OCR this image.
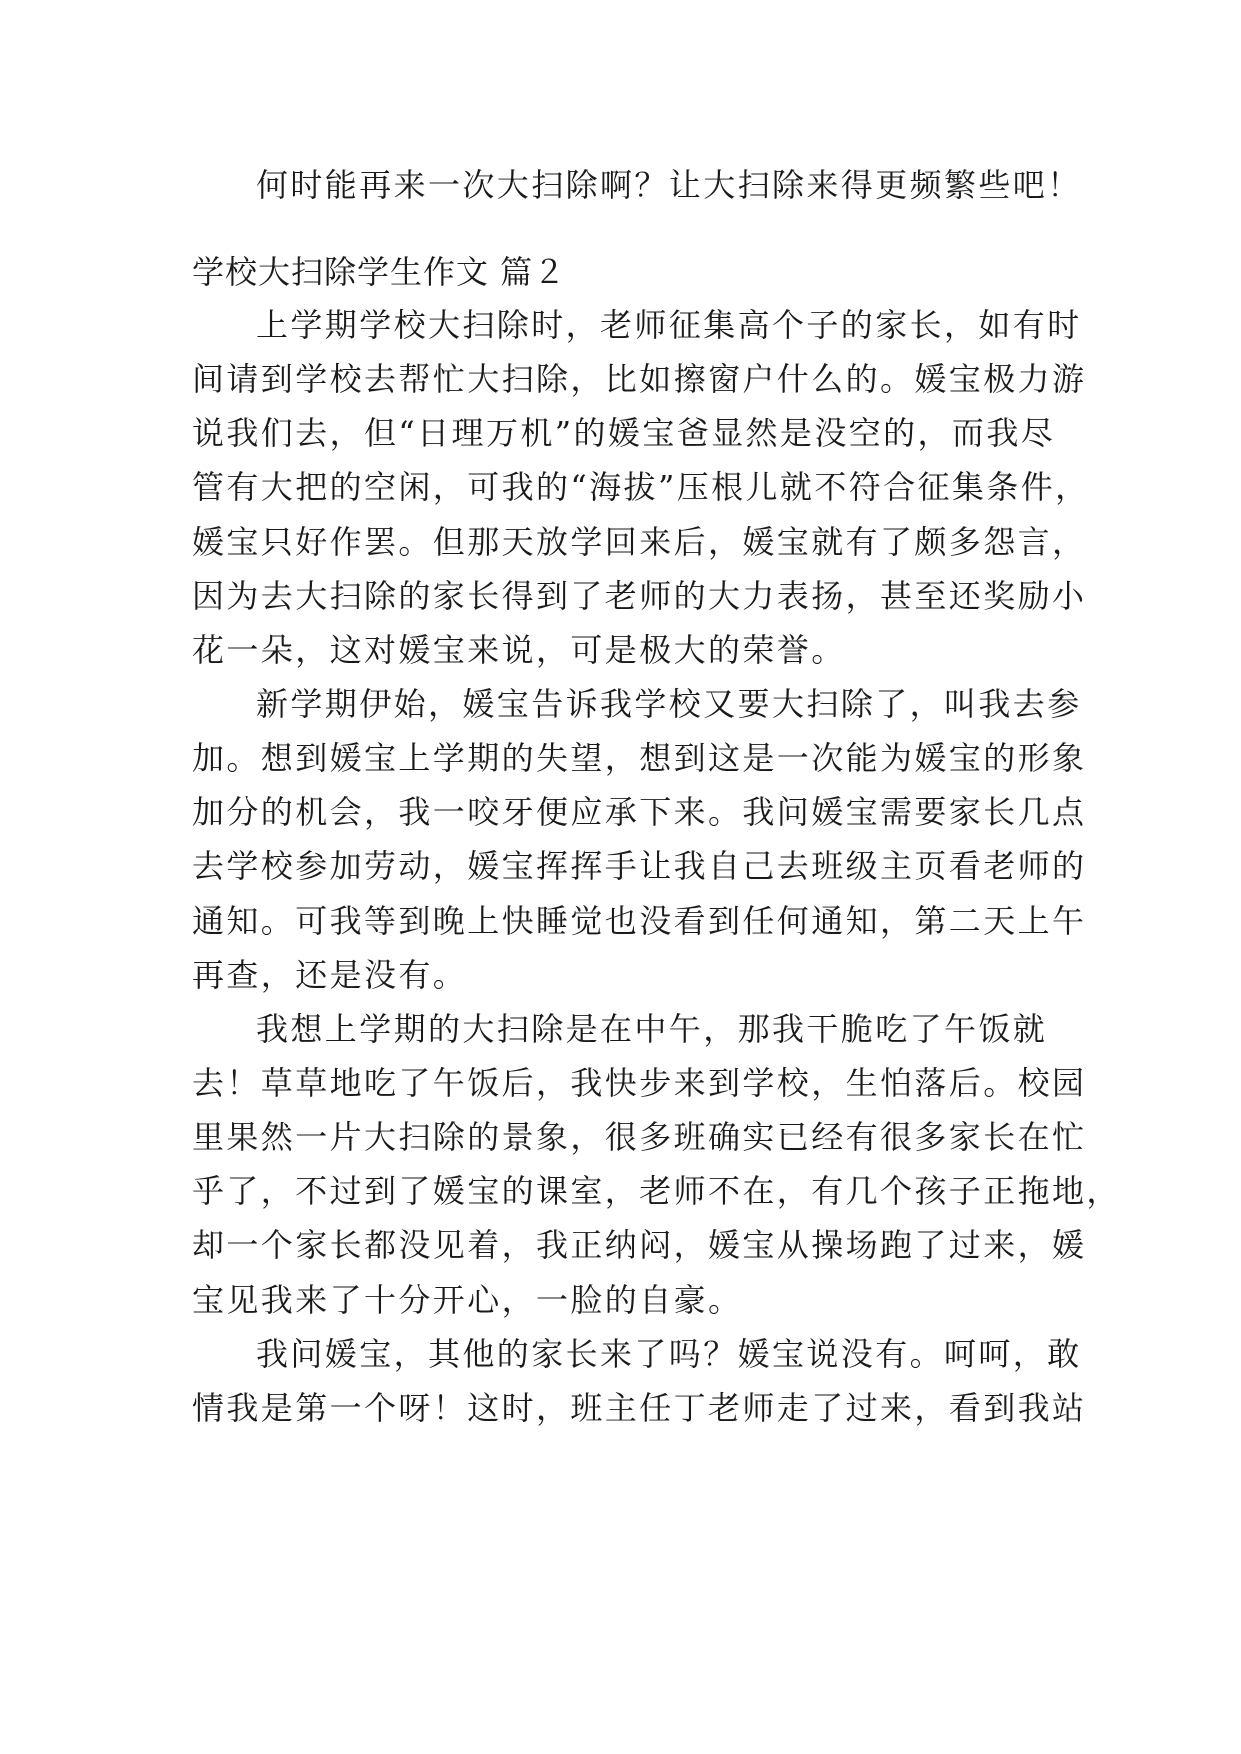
何时能再来一次大扫除啊？让大扫除来得更频繁些吧！
学校大扫除学生作文 篇２
上学期学校大扫除时，老师征集高个子的家长，如有时
间请到学校去帮忙大扫除，比如擦窗户什么的。媛宝极力游
说我们去，但“日理万机”的媛宝爸显然是没空的，而我尽
管有大把的空闲，可我的“海拔”压根儿就不符合征集条件，
媛宝只好作罢。但那天放学回来后，媛宝就有了颇多怨言，
因为去大扫除的家长得到了老师的大力表扬，甚至还奖励小
花一朵，这对媛宝来说，可是极大的荣誉。
新学期伊始，媛宝告诉我学校又要大扫除了，叫我去参
加。想到媛宝上学期的失望，想到这是一次能为媛宝的形象
加分的机会，我一咬牙便应承下来。我问媛宝需要家长几点
去学校参加劳动，媛宝挥挥手让我自己去班级主页看老师的
通知。可我等到晚上快睡觉也没看到任何通知，第二天上午
再查，还是没有。
我想上学期的大扫除是在中午，那我干脆吃了午饭就
去！草草地吃了午饭后，我快步来到学校，生怕落后。校园
里果然一片大扫除的景象，很多班确实已经有很多家长在忙
乎了，不过到了媛宝的课室，老师不在，有几个孩子正拖地，
却一个家长都没见着，我正纳闷，媛宝从操场跑了过来，媛
宝见我来了十分开心，一脸的自豪。
我问媛宝，其他的家长来了吗？媛宝说没有。呵呵，敢
情我是第一个呀！这时，班主任丁老师走了过来，看到我站
